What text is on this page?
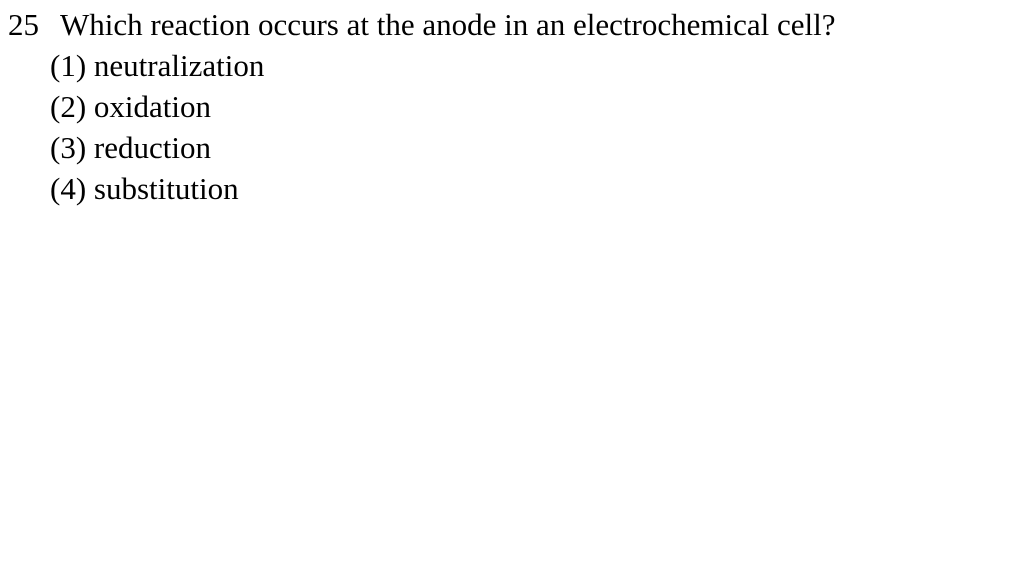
25 Which reaction occurs at the anode in an electrochemical cell?
(1) neutralization
(2) oxidation
(3) reduction
(4) substitution
